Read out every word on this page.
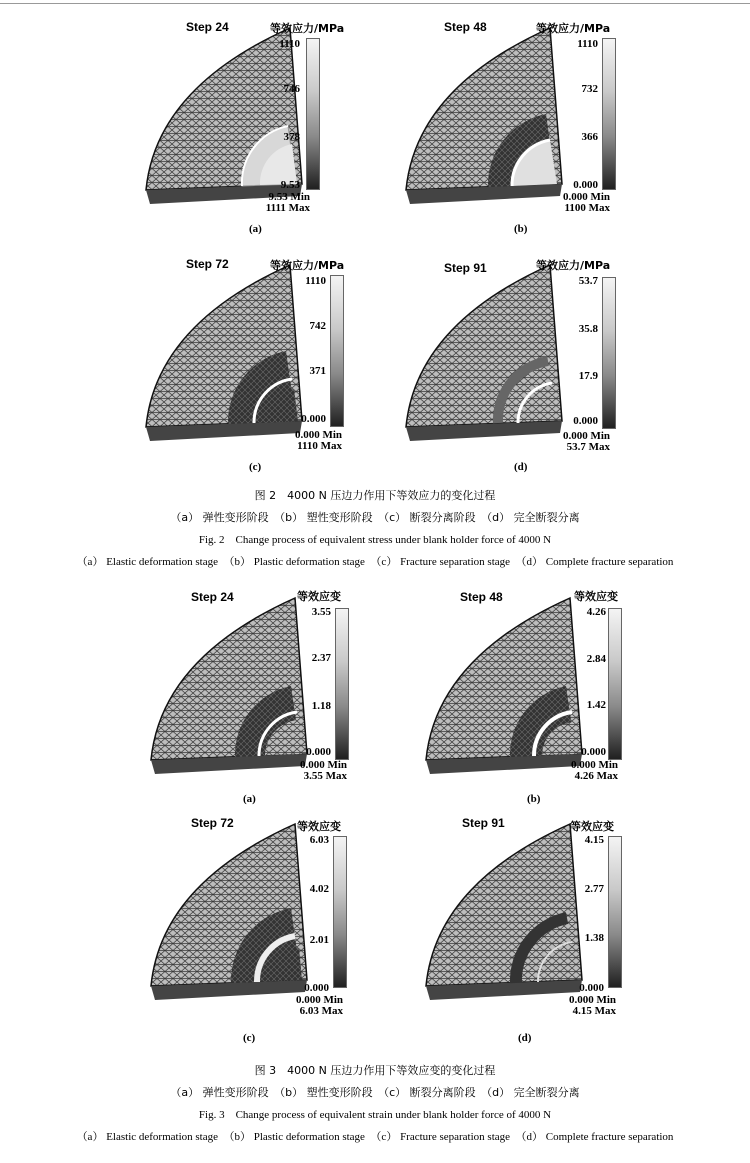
Step 24	等效应力/MPa
1110
746
378
9.53
9.53 Min
1111 Max
(a)
Step 48	等效应力/MPa
1110
732
366
0.000
0.000 Min
1100 Max
(b)
Step 72	等效应力/MPa
1110
742
371
0.000
0.000 Min
1110 Max
(c)
Step 91	等效应力/MPa
53.7
35.8
17.9
0.000
0.000 Min
53.7 Max
(d)
图 2　4000 N 压边力作用下等效应力的变化过程
（a） 弹性变形阶段　（b） 塑性变形阶段　（c） 断裂分离阶段　（d） 完全断裂分离
Fig. 2　Change process of equivalent stress under blank holder force of 4000 N
（a） Elastic deformation stage　（b） Plastic deformation stage　（c） Fracture separation stage　（d） Complete fracture separation
Step 24	等效应变
3.55
2.37
1.18
0.000
0.000 Min
3.55 Max
(a)
Step 48	等效应变
4.26
2.84
1.42
0.000
0.000 Min
4.26 Max
(b)
Step 72	等效应变
6.03
4.02
2.01
0.000
0.000 Min
6.03 Max
(c)
Step 91	等效应变
4.15
2.77
1.38
0.000
0.000 Min
4.15 Max
(d)
图 3　4000 N 压边力作用下等效应变的变化过程
（a） 弹性变形阶段　（b） 塑性变形阶段　（c） 断裂分离阶段　（d） 完全断裂分离
Fig. 3　Change process of equivalent strain under blank holder force of 4000 N
（a） Elastic deformation stage　（b） Plastic deformation stage　（c） Fracture separation stage　（d） Complete fracture separation
